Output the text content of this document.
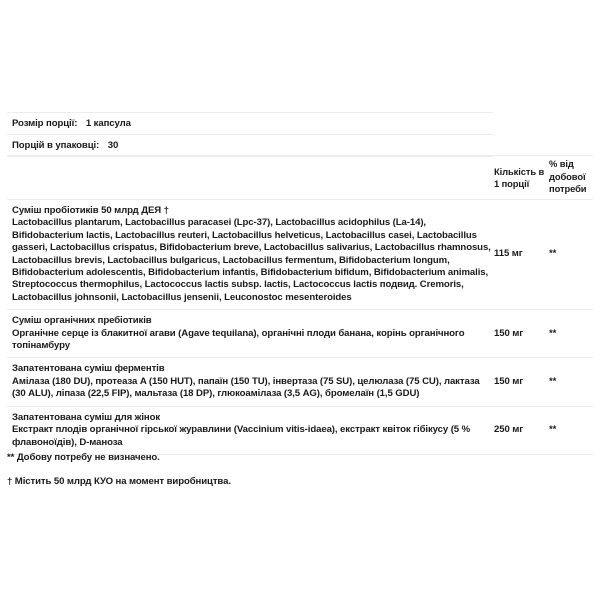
Розмір порції: 1 капсула
Порцій в упаковці: 30
Кількість в 1 порції
% від добової потреби
Суміш пробіотиків 50 млрд ДЕЯ †
Lactobacillus plantarum, Lactobacillus paracasei (Lpc-37), Lactobacillus acidophilus (La-14), Bifidobacterium lactis, Lactobacillus reuteri, Lactobacillus helveticus, Lactobacillus casei, Lactobacillus gasseri, Lactobacillus crispatus, Bifidobacterium breve, Lactobacillus salivarius, Lactobacillus rhamnosus, Lactobacillus brevis, Lactobacillus bulgaricus, Lactobacillus fermentum, Bifidobacterium longum, Bifidobacterium adolescentis, Bifidobacterium infantis, Bifidobacterium bifidum, Bifidobacterium animalis, Streptococcus thermophilus, Lactococcus lactis subsp. lactis, Lactococcus lactis подвид. Cremoris, Lactobacillus johnsonii, Lactobacillus jensenii, Leuconostoc mesenteroides
115 мг	**
Суміш органічних пребіотиків
Органічне серце із блакитної агави (Agave tequilana), органічні плоди банана, корінь органічного топінамбуру
150 мг	**
Запатентована суміш ферментів
Амілаза (180 DU), протеаза A (150 HUT), папаїн (150 TU), інвертаза (75 SU), целюлаза (75 CU), лактаза (30 ALU), ліпаза (22,5 FIP), мальтаза (18 DP), глюкоамілаза (3,5 AG), бромелаїн (1,5 GDU)
150 мг	**
Запатентована суміш для жінок
Екстракт плодів органічної гірської журавлини (Vaccinium vitis-idaea), екстракт квіток гібікусу (5 % флавоноїдів), D-маноза
250 мг	**
** Добову потребу не визначено.
† Містить 50 млрд КУО на момент виробництва.
